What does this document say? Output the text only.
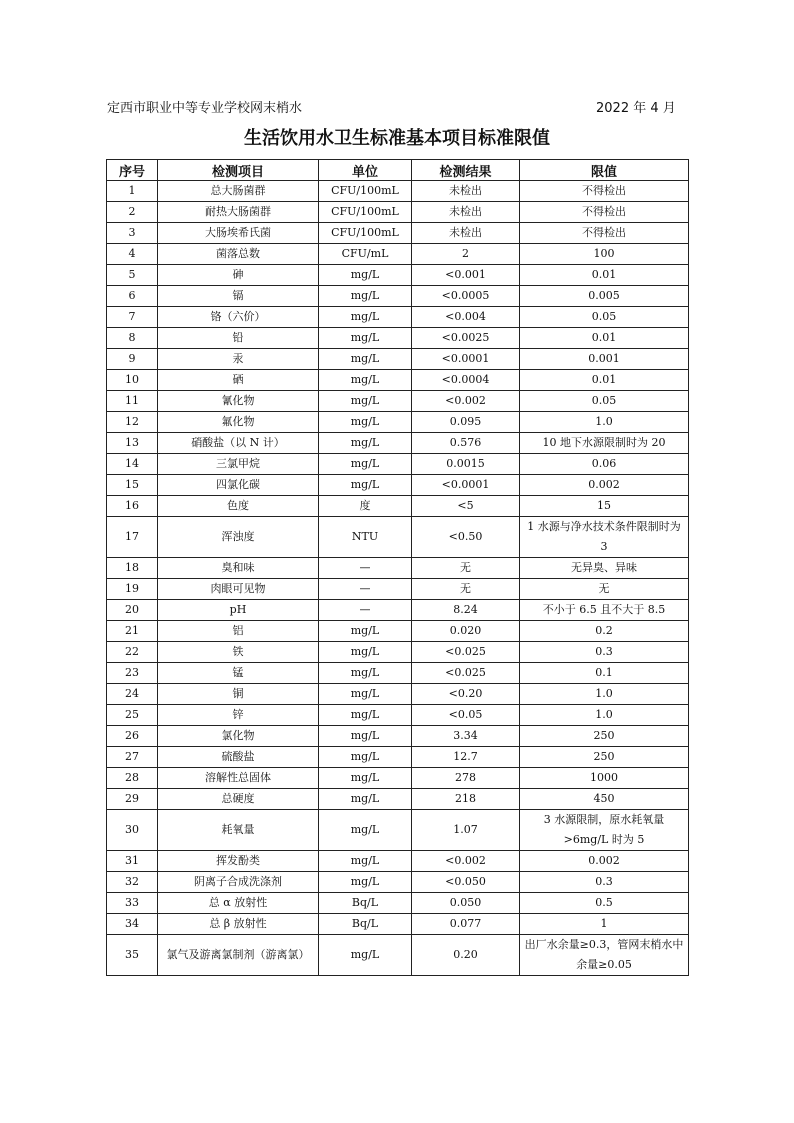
定西市职业中等专业学校网末梢水	2022 年 4 月
生活饮用水卫生标准基本项目标准限值
序号	检测项目	单位	检测结果	限值
1	总大肠菌群	CFU/100mL	未检出	不得检出
2	耐热大肠菌群	CFU/100mL	未检出	不得检出
3	大肠埃希氏菌	CFU/100mL	未检出	不得检出
4	菌落总数	CFU/mL	2	100
5	砷	mg/L	<0.001	0.01
6	镉	mg/L	<0.0005	0.005
7	铬（六价）	mg/L	<0.004	0.05
8	铅	mg/L	<0.0025	0.01
9	汞	mg/L	<0.0001	0.001
10	硒	mg/L	<0.0004	0.01
11	氰化物	mg/L	<0.002	0.05
12	氟化物	mg/L	0.095	1.0
13	硝酸盐（以 N 计）	mg/L	0.576	10 地下水源限制时为 20
14	三氯甲烷	mg/L	0.0015	0.06
15	四氯化碳	mg/L	<0.0001	0.002
16	色度	度	<5	15
17	浑浊度	NTU	<0.50	1 水源与净水技术条件限制时为 3
18	臭和味	—	无	无异臭、异味
19	肉眼可见物	—	无	无
20	pH	—	8.24	不小于 6.5 且不大于 8.5
21	铝	mg/L	0.020	0.2
22	铁	mg/L	<0.025	0.3
23	锰	mg/L	<0.025	0.1
24	铜	mg/L	<0.20	1.0
25	锌	mg/L	<0.05	1.0
26	氯化物	mg/L	3.34	250
27	硫酸盐	mg/L	12.7	250
28	溶解性总固体	mg/L	278	1000
29	总硬度	mg/L	218	450
30	耗氧量	mg/L	1.07	3 水源限制，原水耗氧量>6mg/L 时为 5
31	挥发酚类	mg/L	<0.002	0.002
32	阴离子合成洗涤剂	mg/L	<0.050	0.3
33	总 α 放射性	Bq/L	0.050	0.5
34	总 β 放射性	Bq/L	0.077	1
35	氯气及游离氯制剂（游离氯）	mg/L	0.20	出厂水余量≥0.3，管网末梢水中余量≥0.05
